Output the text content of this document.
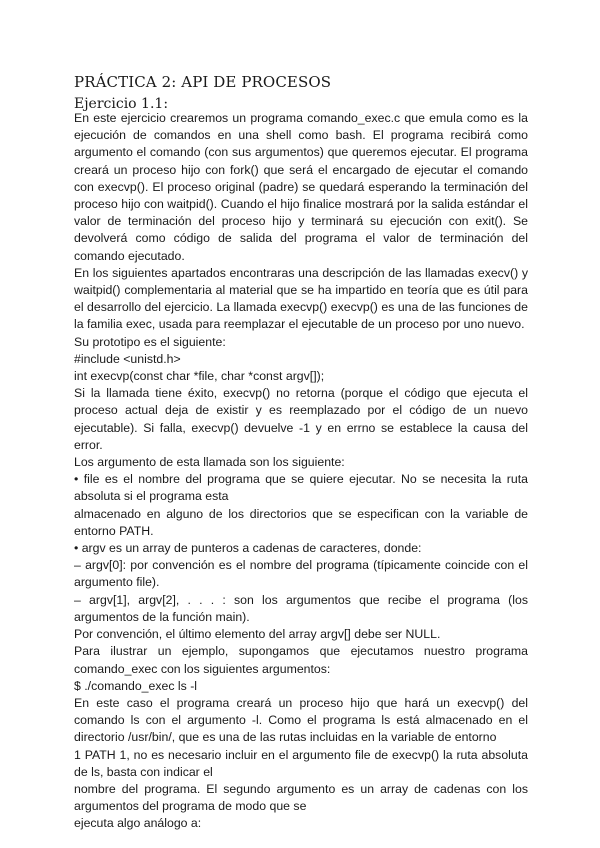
PRÁCTICA 2: API DE PROCESOS
Ejercicio 1.1:

En este ejercicio crearemos un programa comando_exec.c que emula como es la ejecución de comandos en una shell como bash. El programa recibirá como argumento el comando (con sus argumentos) que queremos ejecutar. El programa creará un proceso hijo con fork() que será el encargado de ejecutar el comando con execvp(). El proceso original (padre) se quedará esperando la terminación del proceso hijo con waitpid(). Cuando el hijo finalice mostrará por la salida estándar el valor de terminación del proceso hijo y terminará su ejecución con exit(). Se devolverá como código de salida del programa el valor de terminación del comando ejecutado.

En los siguientes apartados encontraras una descripción de las llamadas execv() y waitpid() complementaria al material que se ha impartido en teoría que es útil para el desarrollo del ejercicio. La llamada execvp() execvp() es una de las funciones de la familia exec, usada para reemplazar el ejecutable de un proceso por uno nuevo.

Su prototipo es el siguiente:

#include <unistd.h>

int execvp(const char *file, char *const argv[]);

Si la llamada tiene éxito, execvp() no retorna (porque el código que ejecuta el proceso actual deja de existir y es reemplazado por el código de un nuevo ejecutable). Si falla, execvp() devuelve -1 y en errno se establece la causa del error.

Los argumento de esta llamada son los siguiente:

• file es el nombre del programa que se quiere ejecutar. No se necesita la ruta absoluta si el programa esta

almacenado en alguno de los directorios que se especifican con la variable de entorno PATH.

• argv es un array de punteros a cadenas de caracteres, donde:

– argv[0]: por convención es el nombre del programa (típicamente coincide con el argumento file).

– argv[1], argv[2], . . . : son los argumentos que recibe el programa (los argumentos de la función main).

Por convención, el último elemento del array argv[] debe ser NULL.

Para ilustrar un ejemplo, supongamos que ejecutamos nuestro programa comando_exec con los siguientes argumentos:

$ ./comando_exec ls -l

En este caso el programa creará un proceso hijo que hará un execvp() del comando ls con el argumento -l. Como el programa ls está almacenado en el directorio /usr/bin/, que es una de las rutas incluidas en la variable de entorno

1 PATH 1, no es necesario incluir en el argumento file de execvp() la ruta absoluta de ls, basta con indicar el

nombre del programa. El segundo argumento es un array de cadenas con los argumentos del programa de modo que se

ejecuta algo análogo a:
